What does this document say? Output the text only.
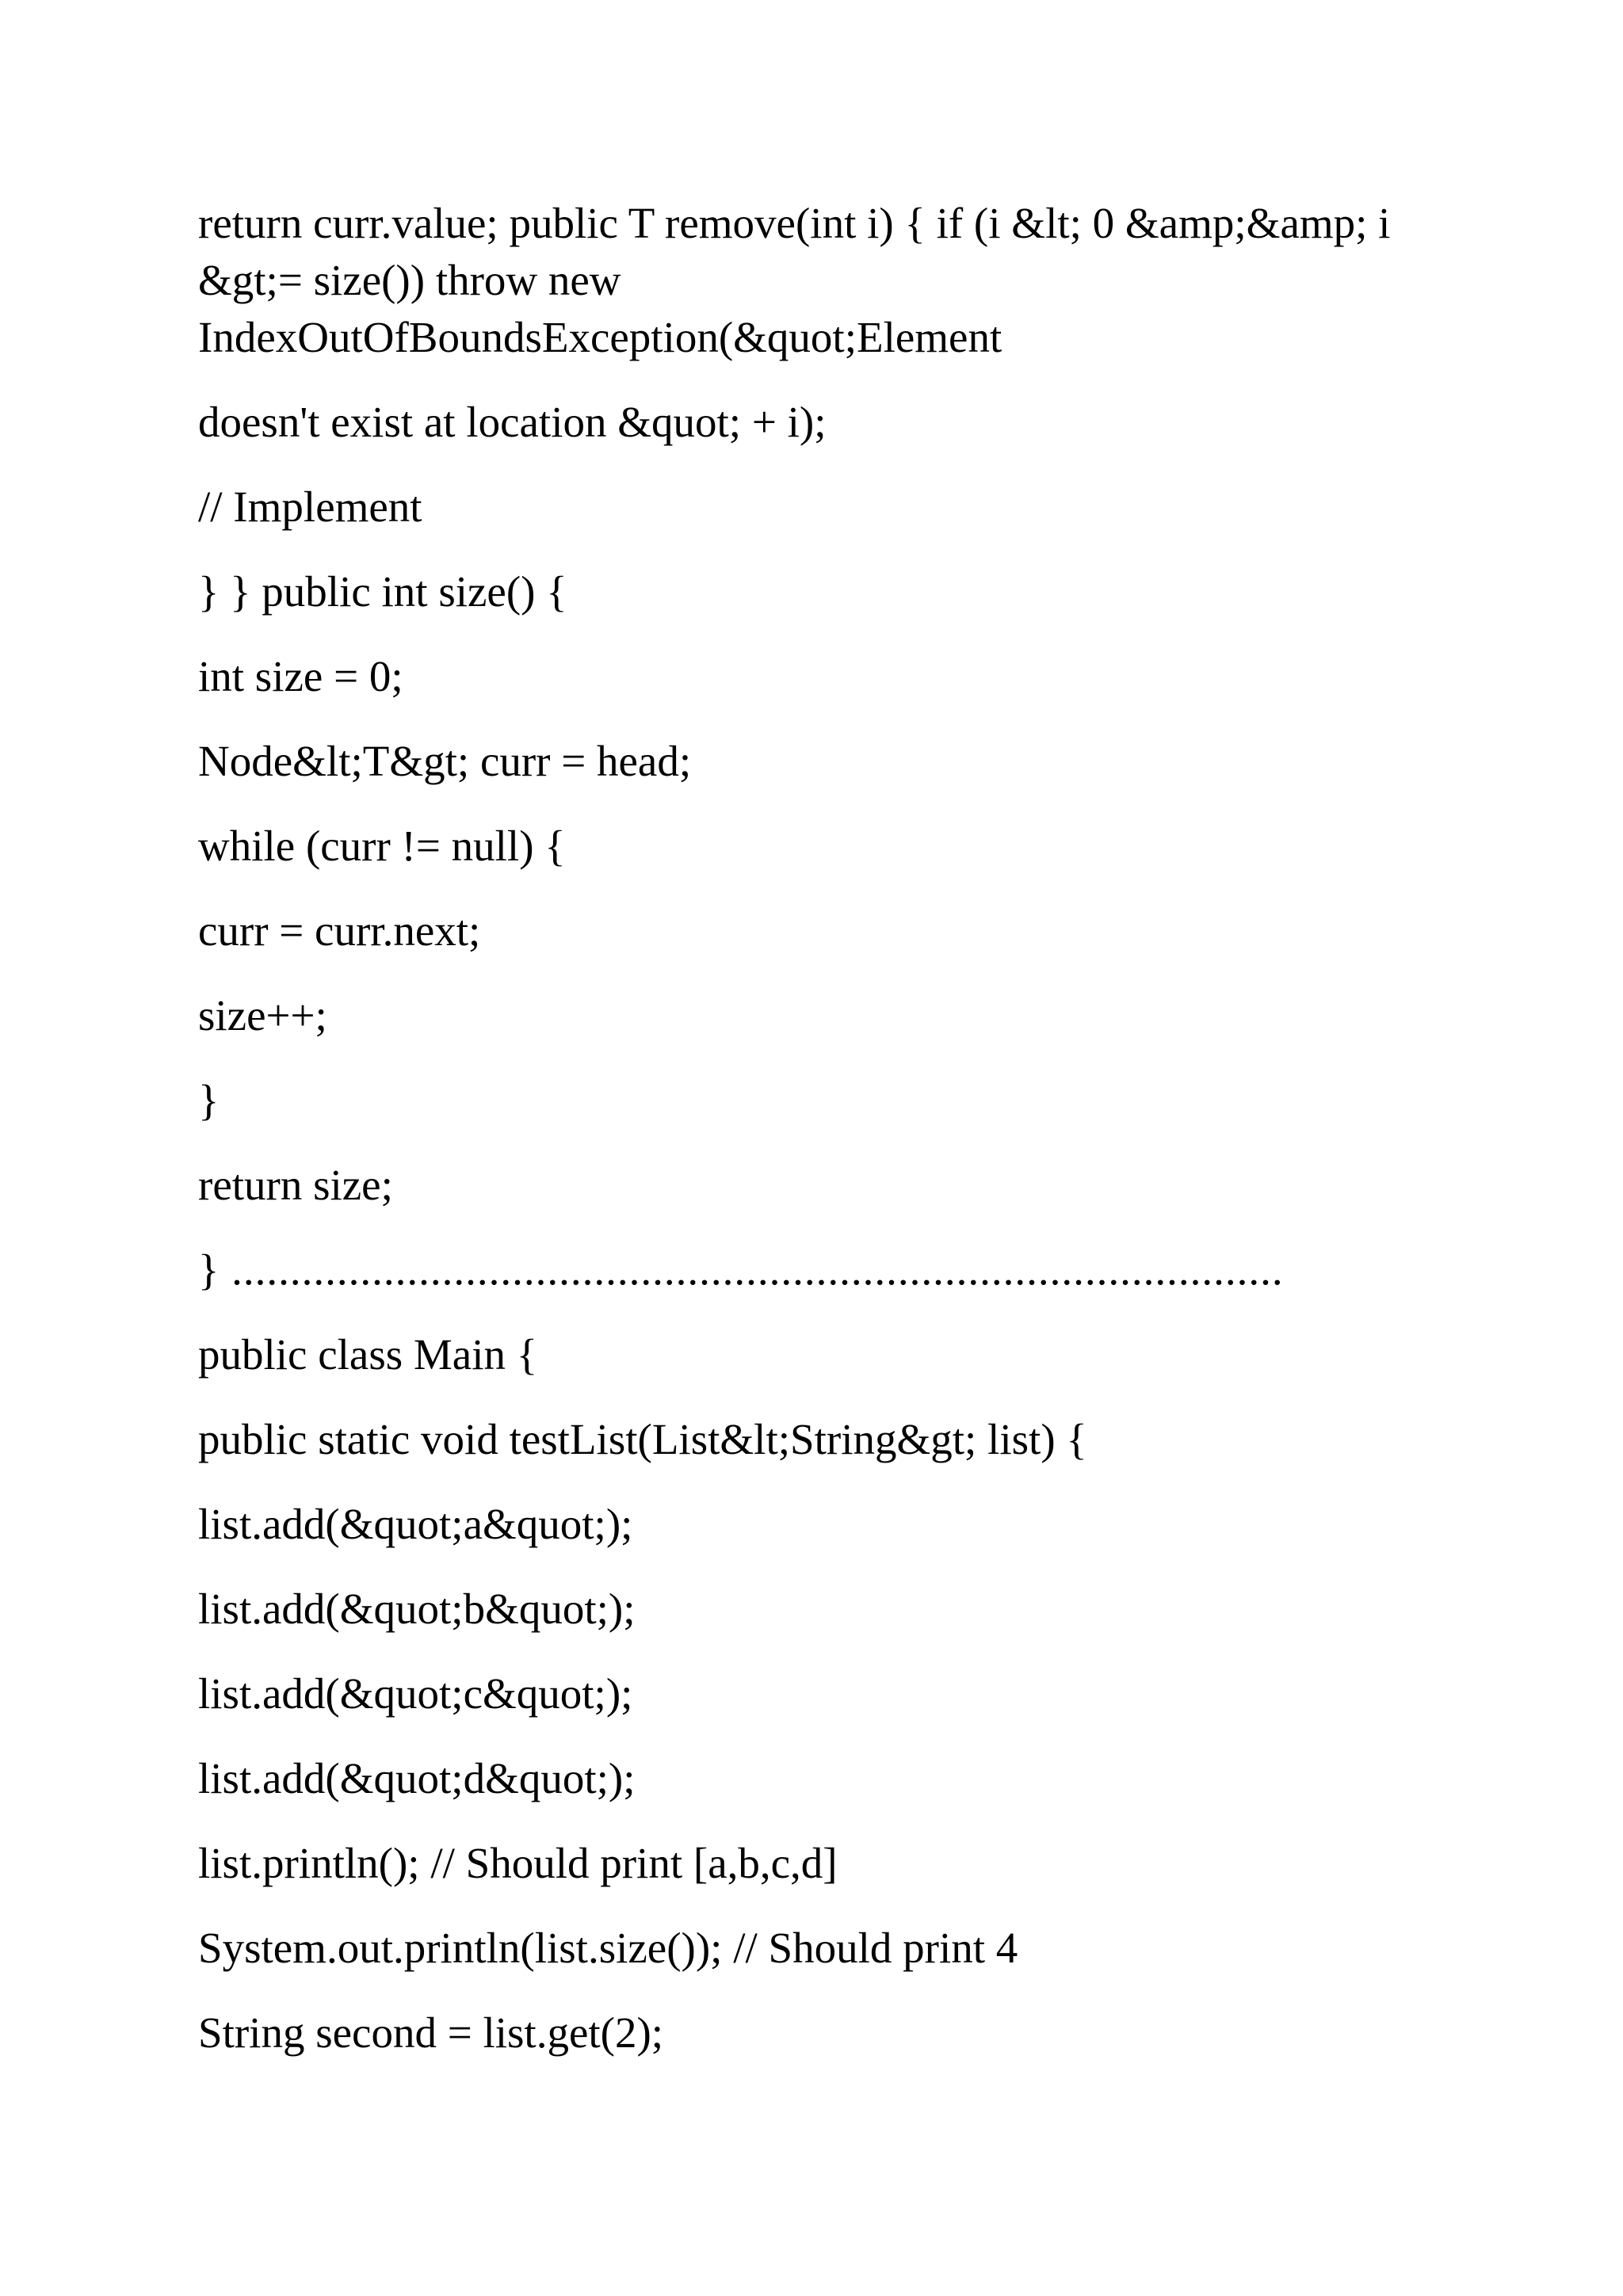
return curr.value; public T remove(int i) { if (i &lt; 0 &amp;&amp; i
&gt;= size()) throw new
IndexOutOfBoundsException(&quot;Element

doesn't exist at location &quot; + i);

// Implement

} } public int size() {

int size = 0;

Node&lt;T&gt; curr = head;

while (curr != null) {

curr = curr.next;

size++;

}

return size;

} ..........................................................................................

public class Main {

public static void testList(List&lt;String&gt; list) {

list.add(&quot;a&quot;);

list.add(&quot;b&quot;);

list.add(&quot;c&quot;);

list.add(&quot;d&quot;);

list.println(); // Should print [a,b,c,d]

System.out.println(list.size()); // Should print 4

String second = list.get(2);
